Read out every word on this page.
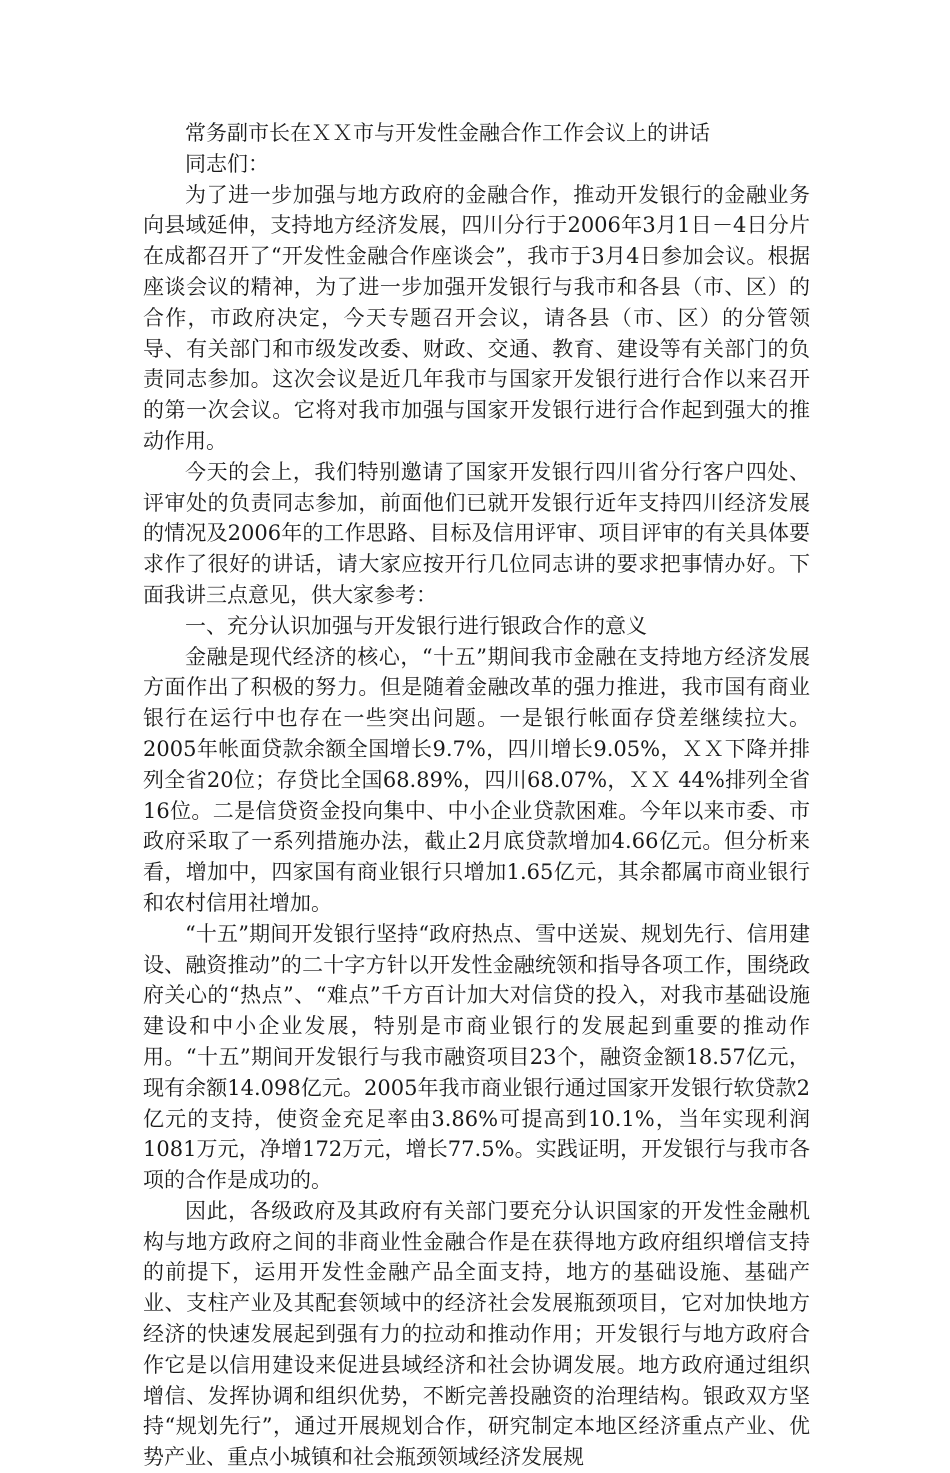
常务副市长在ＸＸ市与开发性金融合作工作会议上的讲话

同志们：

为了进一步加强与地方政府的金融合作，推动开发银行的金融业务向县域延伸，支持地方经济发展，四川分行于2006年3月1日－4日分片在成都召开了“开发性金融合作座谈会”，我市于3月4日参加会议。根据座谈会议的精神，为了进一步加强开发银行与我市和各县（市、区）的合作，市政府决定，今天专题召开会议，请各县（市、区）的分管领导、有关部门和市级发改委、财政、交通、教育、建设等有关部门的负责同志参加。这次会议是近几年我市与国家开发银行进行合作以来召开的第一次会议。它将对我市加强与国家开发银行进行合作起到强大的推动作用。

今天的会上，我们特别邀请了国家开发银行四川省分行客户四处、评审处的负责同志参加，前面他们已就开发银行近年支持四川经济发展的情况及2006年的工作思路、目标及信用评审、项目评审的有关具体要求作了很好的讲话，请大家应按开行几位同志讲的要求把事情办好。下面我讲三点意见，供大家参考：

一、充分认识加强与开发银行进行银政合作的意义

金融是现代经济的核心，“十五”期间我市金融在支持地方经济发展方面作出了积极的努力。但是随着金融改革的强力推进，我市国有商业银行在运行中也存在一些突出问题。一是银行帐面存贷差继续拉大。2005年帐面贷款余额全国增长9.7%，四川增长9.05%，ＸＸ下降并排列全省20位；存贷比全国68.89%，四川68.07%，ＸＸ 44%排列全省16位。二是信贷资金投向集中、中小企业贷款困难。今年以来市委、市政府采取了一系列措施办法，截止2月底贷款增加4.66亿元。但分析来看，增加中，四家国有商业银行只增加1.65亿元，其余都属市商业银行和农村信用社增加。

“十五”期间开发银行坚持“政府热点、雪中送炭、规划先行、信用建设、融资推动”的二十字方针以开发性金融统领和指导各项工作，围绕政府关心的“热点”、“难点”千方百计加大对信贷的投入，对我市基础设施建设和中小企业发展，特别是市商业银行的发展起到重要的推动作用。“十五”期间开发银行与我市融资项目23个，融资金额18.57亿元，现有余额14.098亿元。2005年我市商业银行通过国家开发银行软贷款2亿元的支持，使资金充足率由3.86%可提高到10.1%，当年实现利润1081万元，净增172万元，增长77.5%。实践证明，开发银行与我市各项的合作是成功的。

因此，各级政府及其政府有关部门要充分认识国家的开发性金融机构与地方政府之间的非商业性金融合作是在获得地方政府组织增信支持的前提下，运用开发性金融产品全面支持，地方的基础设施、基础产业、支柱产业及其配套领域中的经济社会发展瓶颈项目，它对加快地方经济的快速发展起到强有力的拉动和推动作用；开发银行与地方政府合作它是以信用建设来促进县域经济和社会协调发展。地方政府通过组织增信、发挥协调和组织优势，不断完善投融资的治理结构。银政双方坚持“规划先行”，通过开展规划合作，研究制定本地区经济重点产业、优势产业、重点小城镇和社会瓶颈领域经济发展规
